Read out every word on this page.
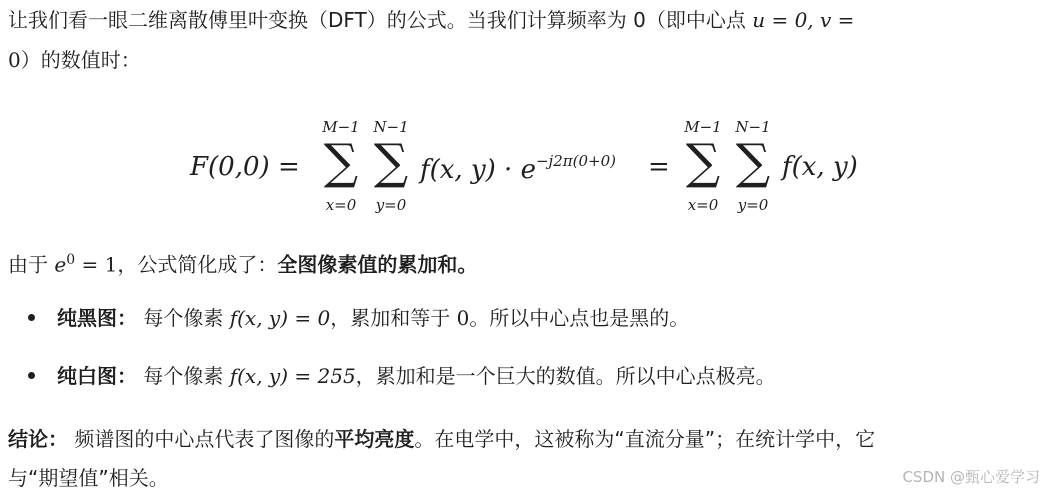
让我们看一眼二维离散傅里叶变换（DFT）的公式。当我们计算频率为 0（即中心点 u = 0, v =
0）的数值时：
F(0,0) =
M−1
∑
x=0
N−1
∑
y=0
f(x, $y) \cdot e^{-j2\pi(0+0)}$ =
M−1
∑
x=0
N−1
∑
y=0
f(x, y)
由于 $e^0 = 1$，公式简化成了：全图像素值的累加和。
纯黑图： 每个像素 f(x, y) = 0，累加和等于 0。所以中心点也是黑的。
纯白图： 每个像素 f(x, y) = 255，累加和是一个巨大的数值。所以中心点极亮。
结论： 频谱图的中心点代表了图像的平均亮度。在电学中，这被称为“直流分量”；在统计学中，它
与“期望值”相关。	CSDN @甄心爱学习
